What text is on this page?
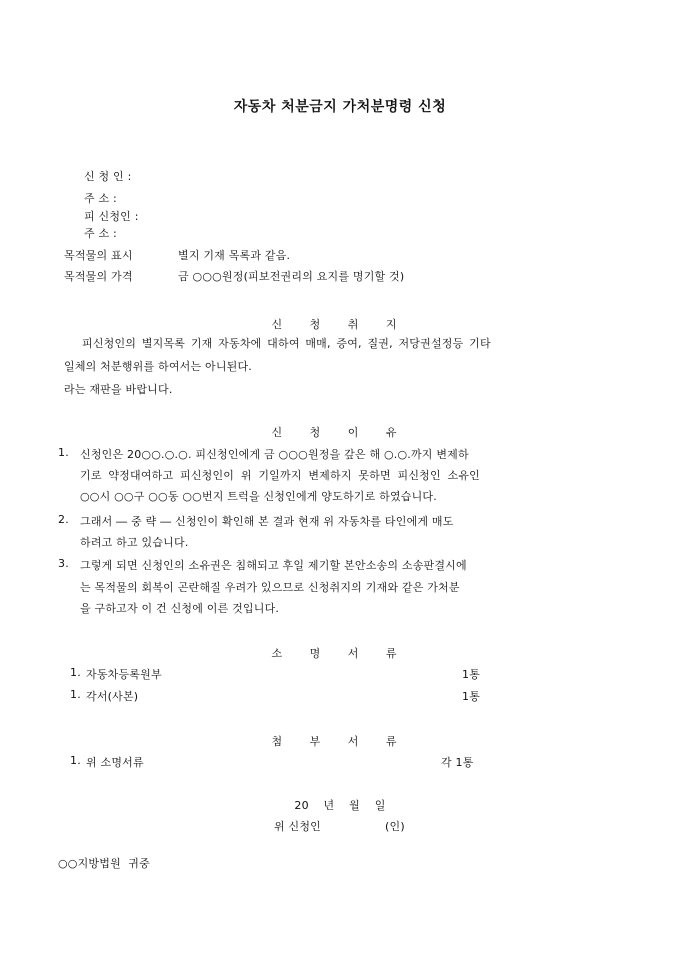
자동차 처분금지 가처분명령 신청
신 청 인 :
주 소 :
피 신청인 :
주 소 :
목적물의 표시	별지 기재 목록과 같음.
목적물의 가격	금 ○○○원정(피보전권리의 요지를 명기할 것)
신 청 취 지
피신청인의 별지목록 기재 자동차에 대하여 매매, 증여, 질권, 저당권설정등 기타
일체의 처분행위를 하여서는 아니된다.
라는 재판을 바랍니다.
신 청 이 유
1. 신청인은 20○○.○.○. 피신청인에게 금 ○○○원정을 갚은 해 ○.○.까지 변제하
기로 약정대여하고 피신청인이 위 기일까지 변제하지 못하면 피신청인 소유인
○○시 ○○구 ○○동 ○○번지 트럭을 신청인에게 양도하기로 하였습니다.
2. 그래서 ― 중 략 ― 신청인이 확인해 본 결과 현재 위 자동차를 타인에게 매도
하려고 하고 있습니다.
3. 그렇게 되면 신청인의 소유권은 침해되고 후일 제기할 본안소송의 소송판결시에
는 목적물의 회복이 곤란해질 우려가 있으므로 신청취지의 기재와 같은 가처분
을 구하고자 이 건 신청에 이른 것입니다.
소 명 서 류
1. 자동차등록원부	1통
1. 각서(사본)	1통
첨 부 서 류
1. 위 소명서류	각 1통
20    년    월    일
위 신청인	(인)
○○지방법원  귀중
